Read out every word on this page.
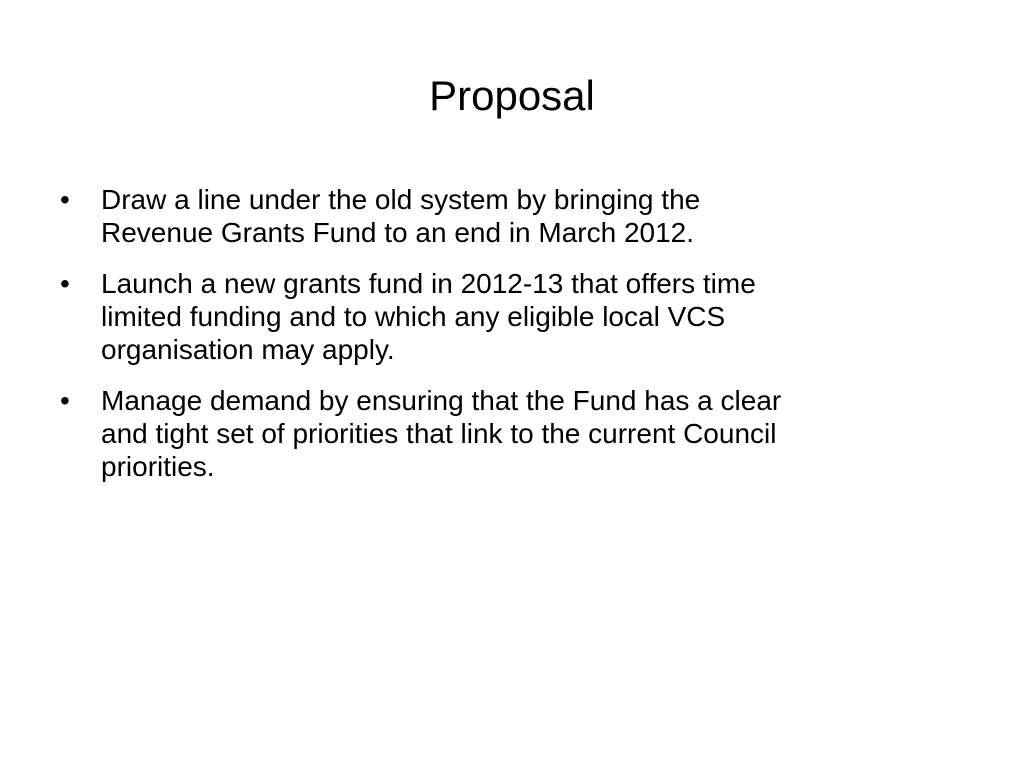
Proposal
•	Draw a line under the old system by bringing the
Revenue Grants Fund to an end in March 2012.
•	Launch a new grants fund in 2012-13 that offers time
limited funding and to which any eligible local VCS
organisation may apply.
•	Manage demand by ensuring that the Fund has a clear
and tight set of priorities that link to the current Council
priorities.
